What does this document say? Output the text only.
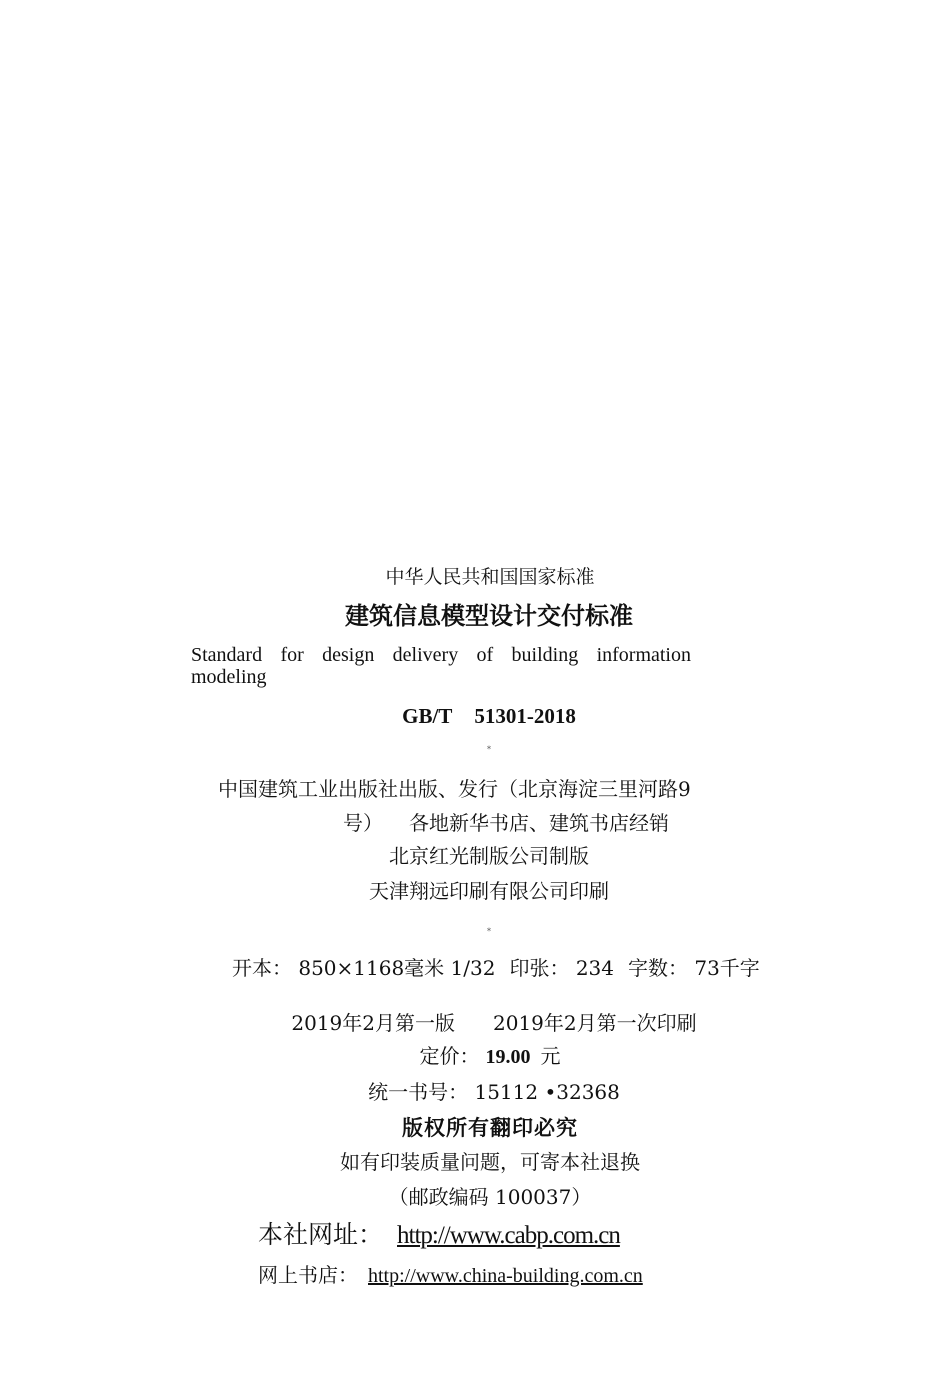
中华人民共和国国家标准
建筑信息模型设计交付标准
Standard for design delivery of building information modeling
GB/T 51301-2018
*
中国建筑工业出版社出版、发行（北京海淀三里河路9
号） 各地新华书店、建筑书店经销
北京红光制版公司制版
天津翔远印刷有限公司印刷
*
开本： 850×1168毫米 1/32 印张： 234 字数： 73千字
2019年2月第一版 2019年2月第一次印刷
定价： 19.00 元
统一书号： 15112 •32368
版权所有翻印必究
如有印装质量问题，可寄本社退换
（邮政编码 100037）
本社网址： http://www.cabp.com.cn
网上书店： http://www.china-building.com.cn
